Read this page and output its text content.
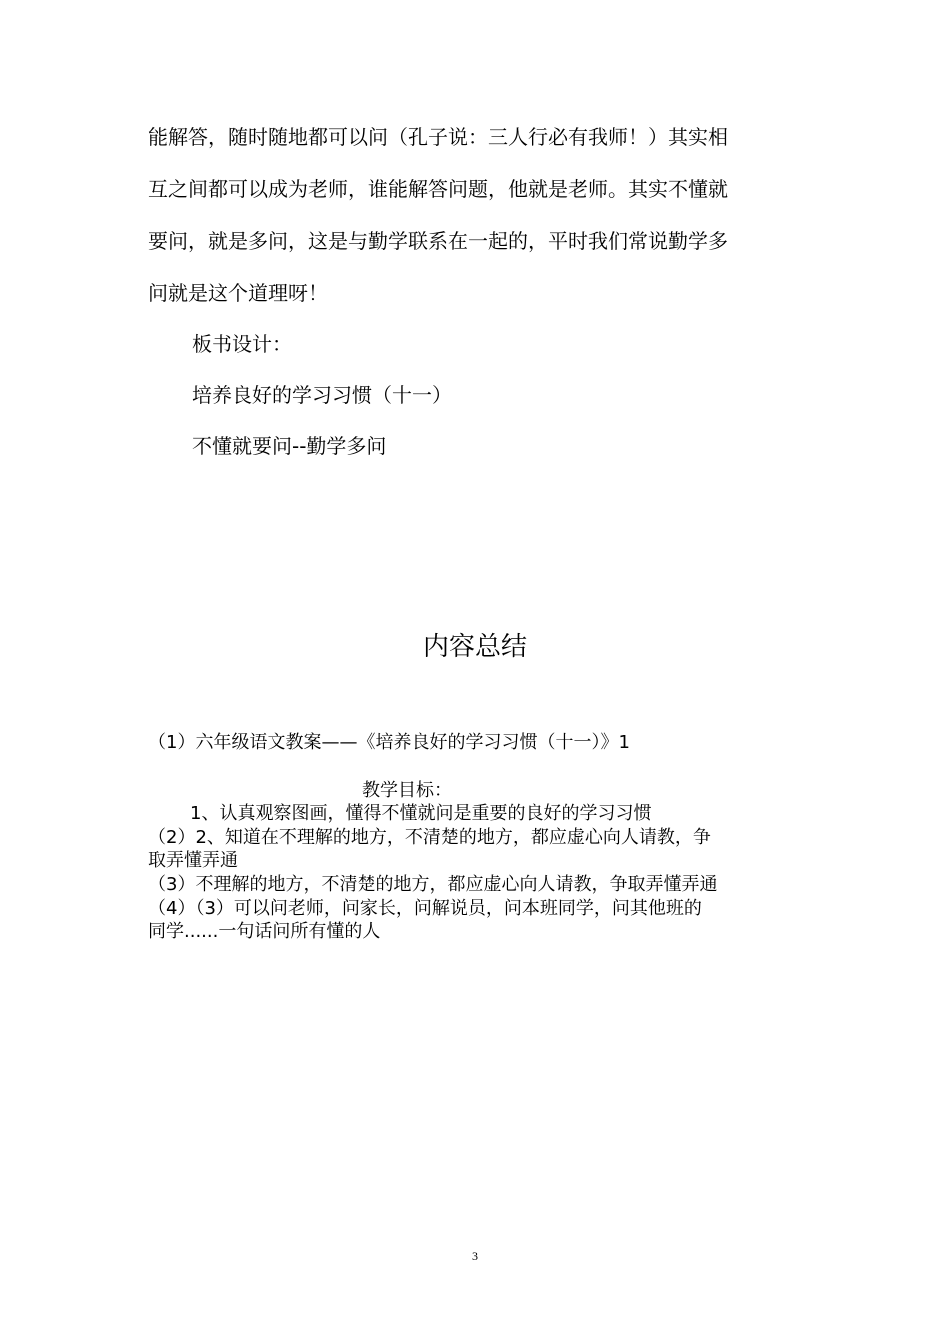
能解答，随时随地都可以问（孔子说：三人行必有我师！）其实相
互之间都可以成为老师，谁能解答问题，他就是老师。其实不懂就
要问，就是多问，这是与勤学联系在一起的，平时我们常说勤学多
问就是这个道理呀！
板书设计：
培养良好的学习习惯（十一）
不懂就要问--勤学多问
内容总结
（1）六年级语文教案——《培养良好的学习习惯（十一）》1
教学目标：
1、认真观察图画，懂得不懂就问是重要的良好的学习习惯
（2）2、知道在不理解的地方，不清楚的地方，都应虚心向人请教，争
取弄懂弄通
（3）不理解的地方，不清楚的地方，都应虚心向人请教，争取弄懂弄通
（4）（3）可以问老师，问家长，问解说员，问本班同学，问其他班的
同学......一句话问所有懂的人
3
